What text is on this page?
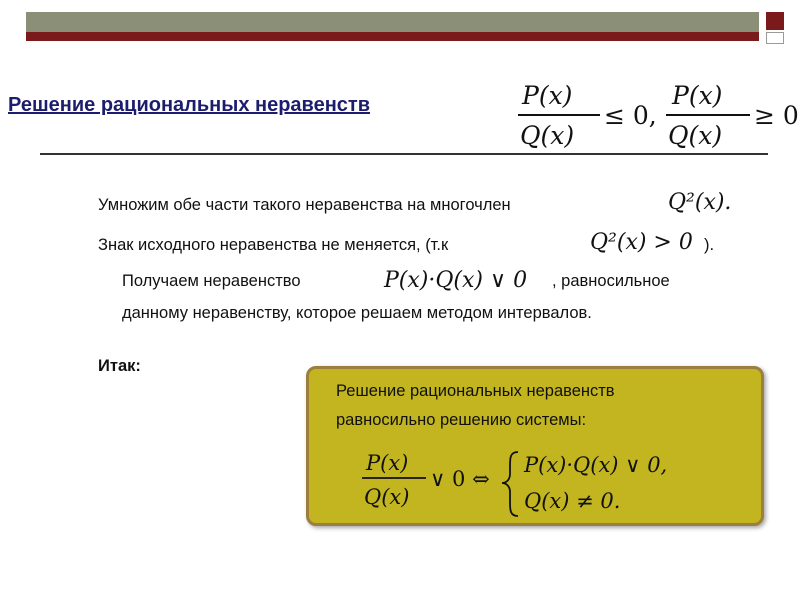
Решение рациональных неравенств	P(x)
Q(x)
≤ 0,
P(x)
Q(x)
≥ 0
Умножим обе части такого неравенства на многочлен	Q²(x).
Знак исходного неравенства не меняется, (т.к	Q²(x) > 0 ).
Получаем неравенство	P(x)·Q(x) ∨ 0 , равносильное
данному неравенству, которое решаем методом интервалов.
Итак:
Решение рациональных неравенств
равносильно решению системы:
P(x)
Q(x)
∨ 0 ⇔
P(x)·Q(x) ∨ 0,
Q(x) ≠ 0.
